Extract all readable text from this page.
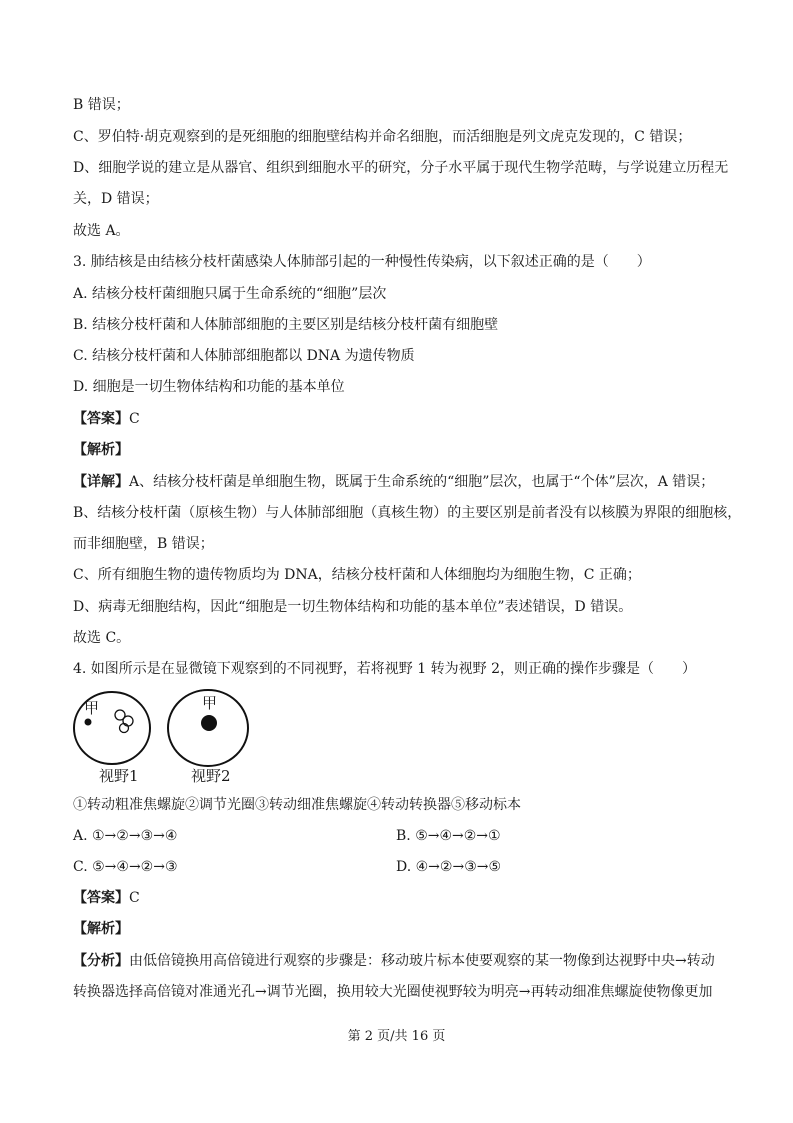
B 错误；
C、罗伯特·胡克观察到的是死细胞的细胞壁结构并命名细胞，而活细胞是列文虎克发现的，C 错误；
D、细胞学说的建立是从器官、组织到细胞水平的研究，分子水平属于现代生物学范畴，与学说建立历程无
关，D 错误；
故选 A。
3. 肺结核是由结核分枝杆菌感染人体肺部引起的一种慢性传染病，以下叙述正确的是（　　）
A. 结核分枝杆菌细胞只属于生命系统的“细胞”层次
B. 结核分枝杆菌和人体肺部细胞的主要区别是结核分枝杆菌有细胞壁
C. 结核分枝杆菌和人体肺部细胞都以 DNA 为遗传物质
D. 细胞是一切生物体结构和功能的基本单位
【答案】C
【解析】
【详解】A、结核分枝杆菌是单细胞生物，既属于生命系统的“细胞”层次，也属于“个体”层次，A 错误；
B、结核分枝杆菌（原核生物）与人体肺部细胞（真核生物）的主要区别是前者没有以核膜为界限的细胞核，
而非细胞壁，B 错误；
C、所有细胞生物的遗传物质均为 DNA，结核分枝杆菌和人体细胞均为细胞生物，C 正确；
D、病毒无细胞结构，因此“细胞是一切生物体结构和功能的基本单位”表述错误，D 错误。
故选 C。
4. 如图所示是在显微镜下观察到的不同视野，若将视野 1 转为视野 2，则正确的操作步骤是（　　）
甲	甲
视野1	视野2
①转动粗准焦螺旋②调节光圈③转动细准焦螺旋④转动转换器⑤移动标本
A. ①→②→③→④	B. ⑤→④→②→①
C. ⑤→④→②→③	D. ④→②→③→⑤
【答案】C
【解析】
【分析】由低倍镜换用高倍镜进行观察的步骤是：移动玻片标本使要观察的某一物像到达视野中央→转动
转换器选择高倍镜对准通光孔→调节光圈，换用较大光圈使视野较为明亮→再转动细准焦螺旋使物像更加
第 2 页/共 16 页
